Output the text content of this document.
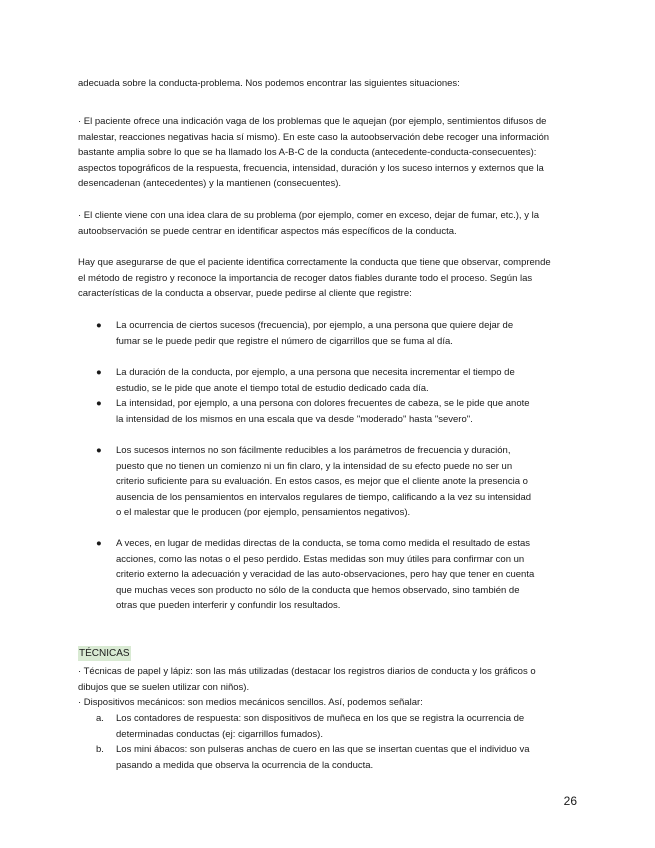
adecuada sobre la conducta-problema. Nos podemos encontrar las siguientes situaciones:

· El paciente ofrece una indicación vaga de los problemas que le aquejan (por ejemplo, sentimientos difusos de malestar, reacciones negativas hacia sí mismo). En este caso la autoobservación debe recoger una información bastante amplia sobre lo que se ha llamado los A-B-C de la conducta (antecedente-conducta-consecuentes): aspectos topográficos de la respuesta, frecuencia, intensidad, duración y los suceso internos y externos que la desencadenan (antecedentes) y la mantienen (consecuentes).

· El cliente viene con una idea clara de su problema (por ejemplo, comer en exceso, dejar de fumar, etc.), y la autoobservación se puede centrar en identificar aspectos más específicos de la conducta.

Hay que asegurarse de que el paciente identifica correctamente la conducta que tiene que observar, comprende el método de registro y reconoce la importancia de recoger datos fiables durante todo el proceso. Según las características de la conducta a observar, puede pedirse al cliente que registre:

●	La ocurrencia de ciertos sucesos (frecuencia), por ejemplo, a una persona que quiere dejar de fumar se le puede pedir que registre el número de cigarrillos que se fuma al día.
●	La duración de la conducta, por ejemplo, a una persona que necesita incrementar el tiempo de estudio, se le pide que anote el tiempo total de estudio dedicado cada día.
●	La intensidad, por ejemplo, a una persona con dolores frecuentes de cabeza, se le pide que anote la intensidad de los mismos en una escala que va desde "moderado" hasta "severo".
●	Los sucesos internos no son fácilmente reducibles a los parámetros de frecuencia y duración, puesto que no tienen un comienzo ni un fin claro, y la intensidad de su efecto puede no ser un criterio suficiente para su evaluación. En estos casos, es mejor que el cliente anote la presencia o ausencia de los pensamientos en intervalos regulares de tiempo, calificando a la vez su intensidad o el malestar que le producen (por ejemplo, pensamientos negativos).
●	A veces, en lugar de medidas directas de la conducta, se toma como medida el resultado de estas acciones, como las notas o el peso perdido. Estas medidas son muy útiles para confirmar con un criterio externo la adecuación y veracidad de las auto-observaciones, pero hay que tener en cuenta que muchas veces son producto no sólo de la conducta que hemos observado, sino también de otras que pueden interferir y confundir los resultados.
TÉCNICAS

· Técnicas de papel y lápiz: son las más utilizadas (destacar los registros diarios de conducta y los gráficos o dibujos que se suelen utilizar con niños).

· Dispositivos mecánicos: son medios mecánicos sencillos. Así, podemos señalar:

a.	Los contadores de respuesta: son dispositivos de muñeca en los que se registra la ocurrencia de determinadas conductas (ej: cigarrillos fumados).
b.	Los mini ábacos: son pulseras anchas de cuero en las que se insertan cuentas que el individuo va pasando a medida que observa la ocurrencia de la conducta.
26
